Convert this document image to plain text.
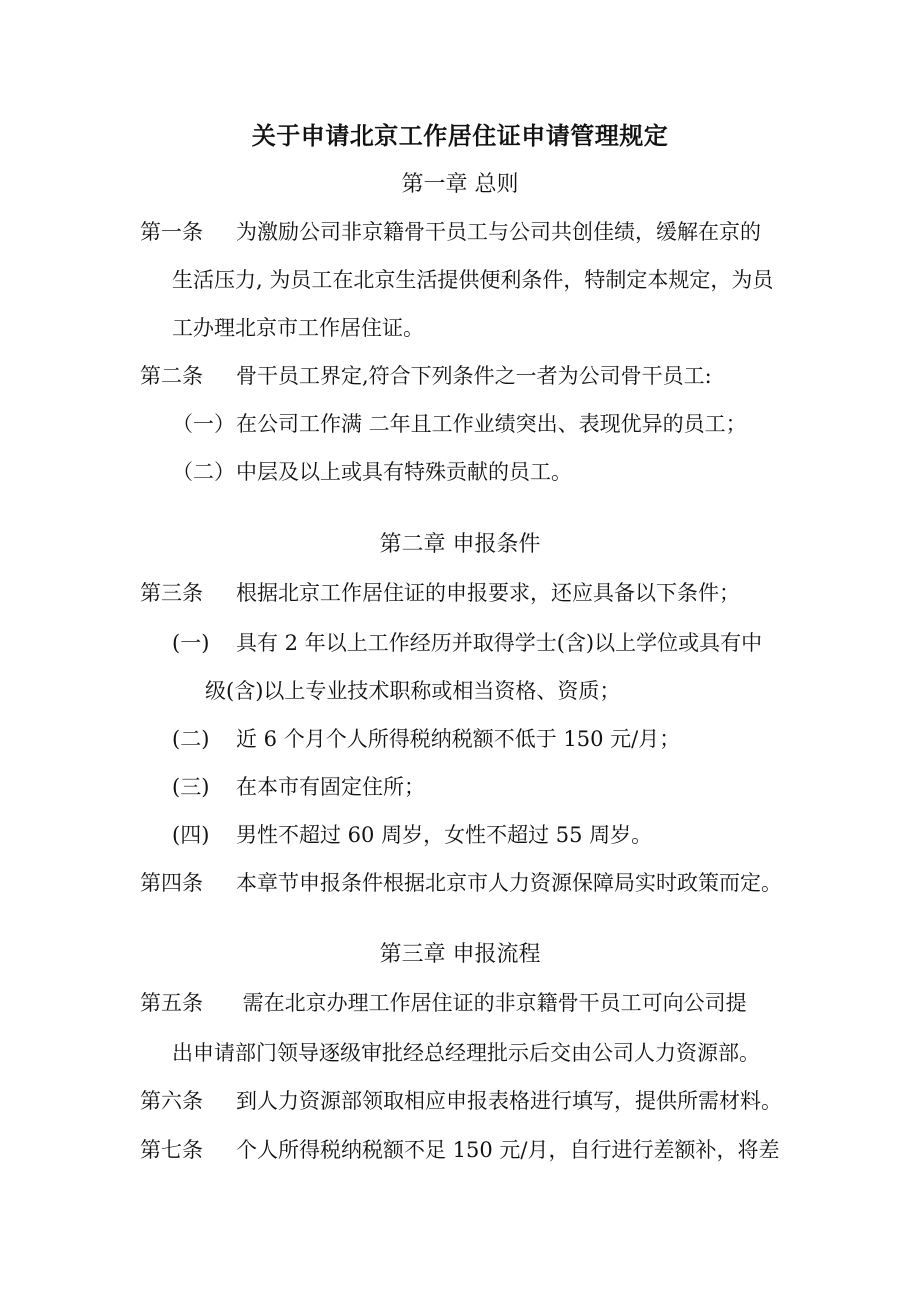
关于申请北京工作居住证申请管理规定
第一章 总则
第一条 为激励公司非京籍骨干员工与公司共创佳绩，缓解在京的
生活压力, 为员工在北京生活提供便利条件，特制定本规定，为员
工办理北京市工作居住证。
第二条 骨干员工界定,符合下列条件之一者为公司骨干员工:
（一）在公司工作满 二年且工作业绩突出、表现优异的员工；
（二）中层及以上或具有特殊贡献的员工。
第二章 申报条件
第三条 根据北京工作居住证的申报要求，还应具备以下条件；
(一) 具有 2 年以上工作经历并取得学士(含)以上学位或具有中
级(含)以上专业技术职称或相当资格、资质；
(二) 近 6 个月个人所得税纳税额不低于 150 元/月；
(三) 在本市有固定住所；
(四) 男性不超过 60 周岁，女性不超过 55 周岁。
第四条 本章节申报条件根据北京市人力资源保障局实时政策而定。
第三章 申报流程
第五条 需在北京办理工作居住证的非京籍骨干员工可向公司提
出申请部门领导逐级审批经总经理批示后交由公司人力资源部。
第六条 到人力资源部领取相应申报表格进行填写，提供所需材料。
第七条 个人所得税纳税额不足 150 元/月，自行进行差额补，将差
